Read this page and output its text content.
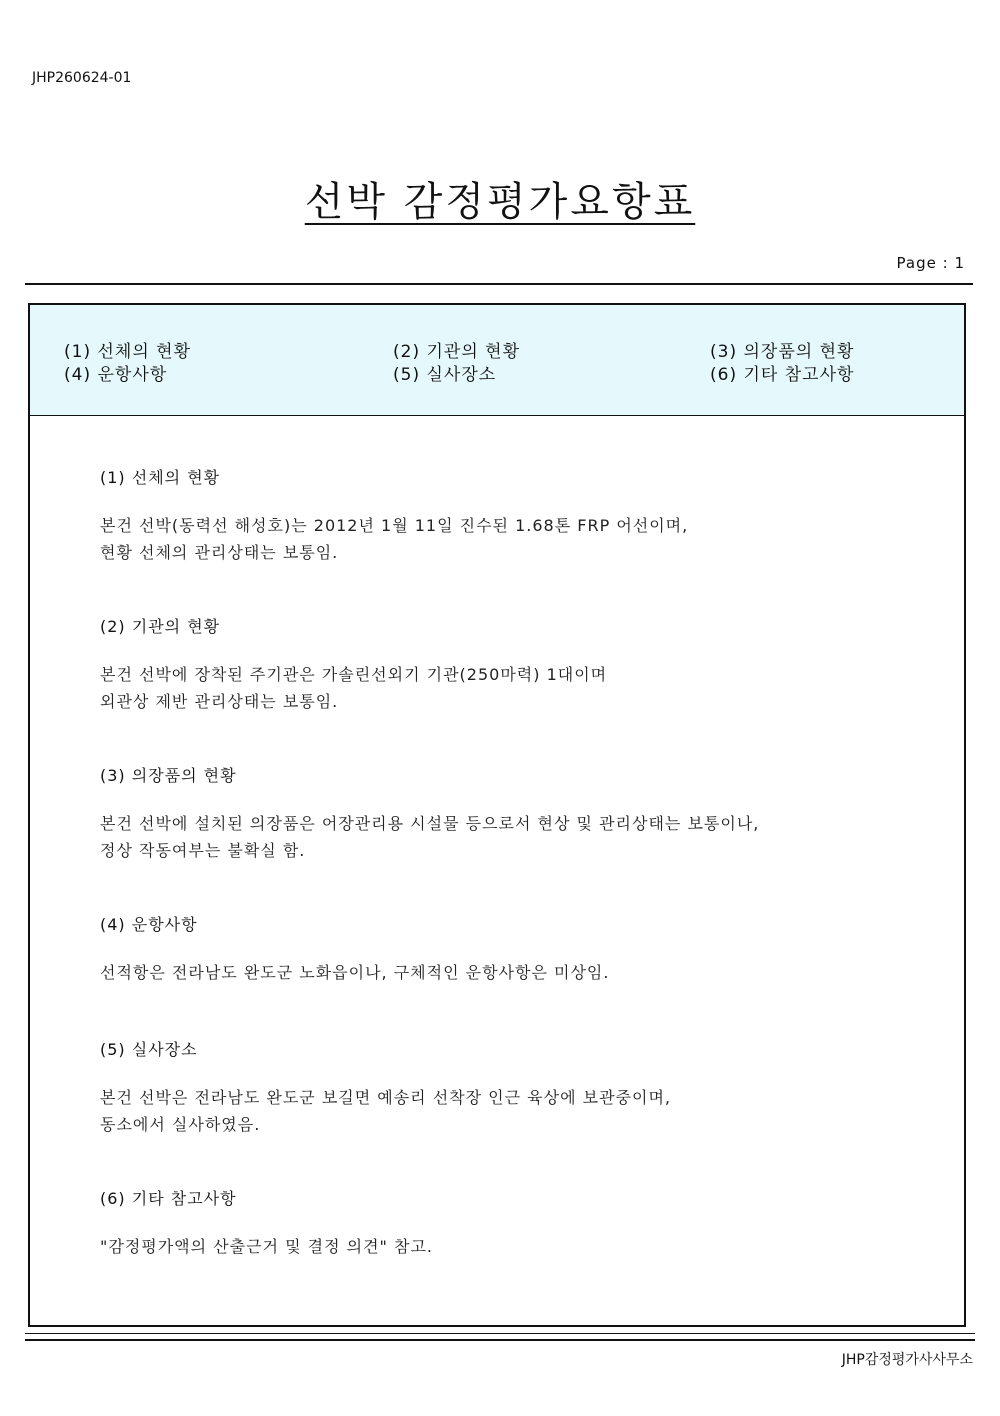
JHP260624-01
선박 감정평가요항표
Page : 1
(1) 선체의 현황	(2) 기관의 현황	(3) 의장품의 현황
(4) 운항사항	(5) 실사장소	(6) 기타 참고사항
(1) 선체의 현황
본건 선박(동력선 해성호)는 2012년 1월 11일 진수된 1.68톤 FRP 어선이며,
현황 선체의 관리상태는 보통임.
(2) 기관의 현황
본건 선박에 장착된 주기관은 가솔린선외기 기관(250마력) 1대이며
외관상 제반 관리상태는 보통임.
(3) 의장품의 현황
본건 선박에 설치된 의장품은 어장관리용 시설물 등으로서 현상 및 관리상태는 보통이나,
정상 작동여부는 불확실 함.
(4) 운항사항
선적항은 전라남도 완도군 노화읍이나, 구체적인 운항사항은 미상임.
(5) 실사장소
본건 선박은 전라남도 완도군 보길면 예송리 선착장 인근 육상에 보관중이며,
동소에서 실사하였음.
(6) 기타 참고사항
"감정평가액의 산출근거 및 결정 의견" 참고.
JHP감정평가사사무소
